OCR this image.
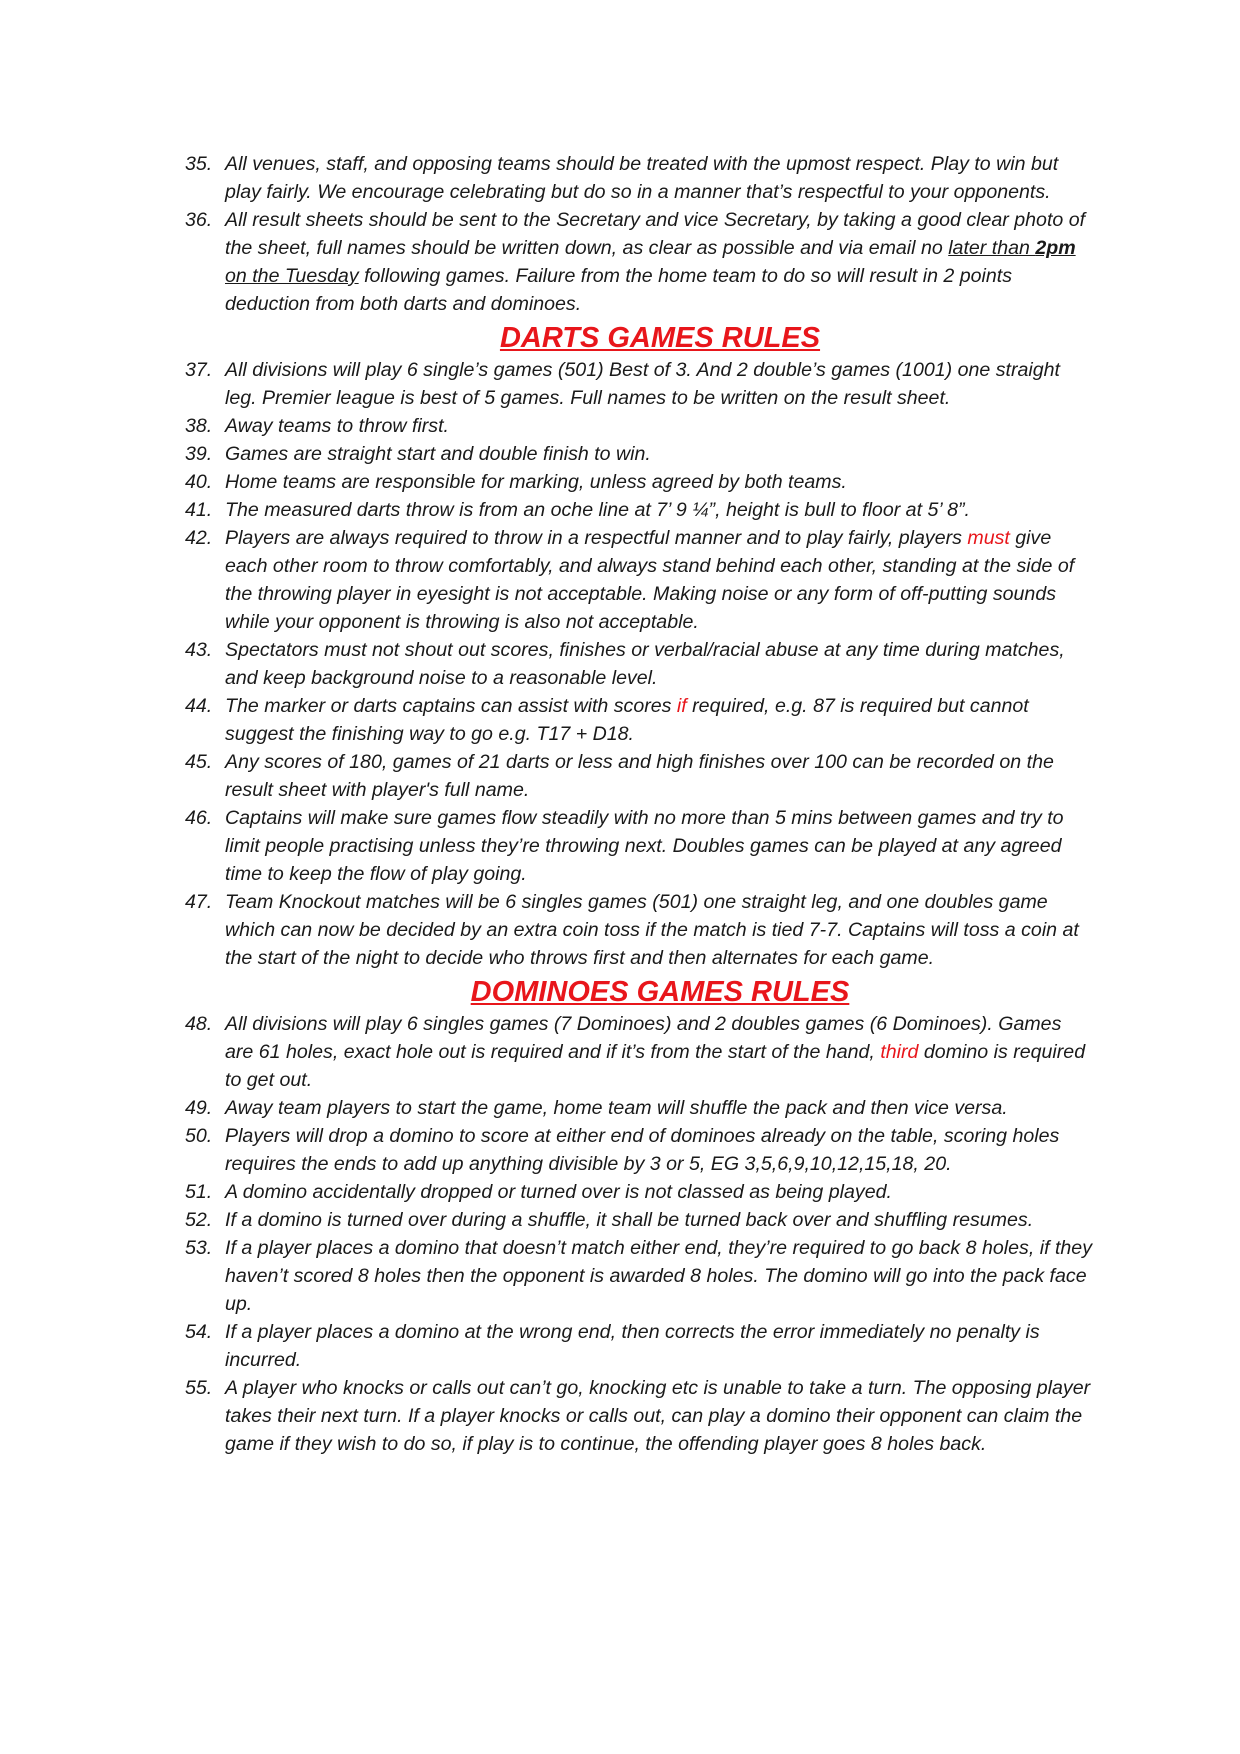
35. All venues, staff, and opposing teams should be treated with the upmost respect. Play to win but play fairly. We encourage celebrating but do so in a manner that’s respectful to your opponents.
36. All result sheets should be sent to the Secretary and vice Secretary, by taking a good clear photo of the sheet, full names should be written down, as clear as possible and via email no later than 2pm on the Tuesday following games. Failure from the home team to do so will result in 2 points deduction from both darts and dominoes.
DARTS GAMES RULES
37. All divisions will play 6 single’s games (501) Best of 3. And 2 double’s games (1001) one straight leg. Premier league is best of 5 games. Full names to be written on the result sheet.
38. Away teams to throw first.
39. Games are straight start and double finish to win.
40. Home teams are responsible for marking, unless agreed by both teams.
41. The measured darts throw is from an oche line at 7’ 9 ¼”, height is bull to floor at 5’ 8”.
42. Players are always required to throw in a respectful manner and to play fairly, players must give each other room to throw comfortably, and always stand behind each other, standing at the side of the throwing player in eyesight is not acceptable. Making noise or any form of off-putting sounds while your opponent is throwing is also not acceptable.
43. Spectators must not shout out scores, finishes or verbal/racial abuse at any time during matches, and keep background noise to a reasonable level.
44. The marker or darts captains can assist with scores if required, e.g. 87 is required but cannot suggest the finishing way to go e.g. T17 + D18.
45. Any scores of 180, games of 21 darts or less and high finishes over 100 can be recorded on the result sheet with player's full name.
46. Captains will make sure games flow steadily with no more than 5 mins between games and try to limit people practising unless they’re throwing next. Doubles games can be played at any agreed time to keep the flow of play going.
47. Team Knockout matches will be 6 singles games (501) one straight leg, and one doubles game which can now be decided by an extra coin toss if the match is tied 7-7. Captains will toss a coin at the start of the night to decide who throws first and then alternates for each game.
DOMINOES GAMES RULES
48. All divisions will play 6 singles games (7 Dominoes) and 2 doubles games (6 Dominoes). Games are 61 holes, exact hole out is required and if it’s from the start of the hand, third domino is required to get out.
49. Away team players to start the game, home team will shuffle the pack and then vice versa.
50. Players will drop a domino to score at either end of dominoes already on the table, scoring holes requires the ends to add up anything divisible by 3 or 5, EG 3,5,6,9,10,12,15,18, 20.
51. A domino accidentally dropped or turned over is not classed as being played.
52. If a domino is turned over during a shuffle, it shall be turned back over and shuffling resumes.
53. If a player places a domino that doesn’t match either end, they’re required to go back 8 holes, if they haven’t scored 8 holes then the opponent is awarded 8 holes. The domino will go into the pack face up.
54. If a player places a domino at the wrong end, then corrects the error immediately no penalty is incurred.
55. A player who knocks or calls out can’t go, knocking etc is unable to take a turn. The opposing player takes their next turn. If a player knocks or calls out, can play a domino their opponent can claim the game if they wish to do so, if play is to continue, the offending player goes 8 holes back.
